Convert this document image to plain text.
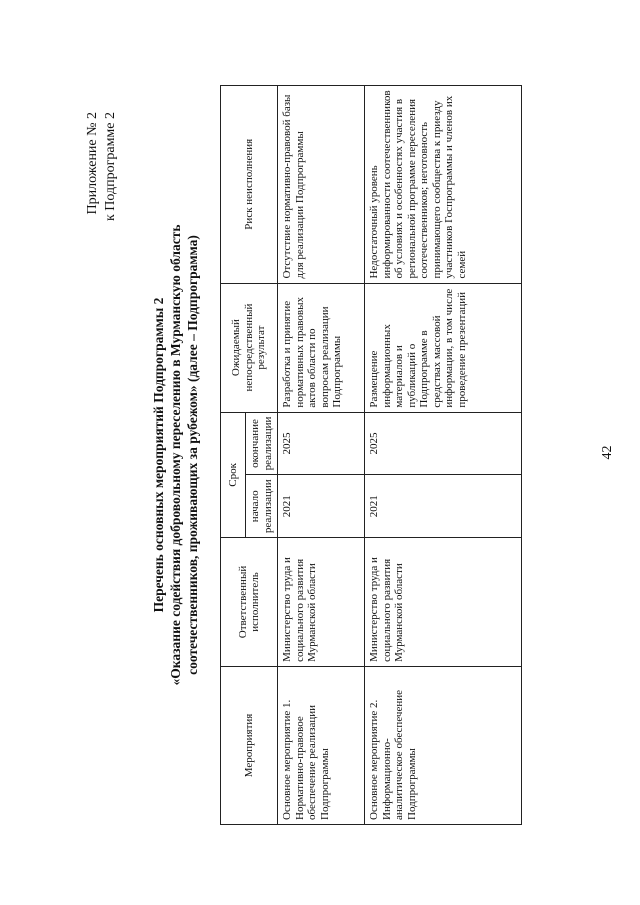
Приложение № 2 к Подпрограмме 2
Перечень основных мероприятий Подпрограммы 2 «Оказание содействия добровольному переселению в Мурманскую область соотечественников, проживающих за рубежом» (далее – Подпрограмма)
Мероприятия	Ответственный исполнитель	Срок		Ожидаемый непосредственный результат	Риск неисполнения
		начало реализации	окончание реализации		
Основное мероприятие 1. Нормативно-правовое обеспечение реализации Подпрограммы	Министерство труда и социального развития Мурманской области	2021	2025	Разработка и принятие нормативных правовых актов области по вопросам реализации Подпрограммы	Отсутствие нормативно-правовой базы для реализации Подпрограммы
Основное мероприятие 2. Информационно-аналитическое обеспечение Подпрограммы	Министерство труда и социального развития Мурманской области	2021	2025	Размещение информационных материалов и публикаций о Подпрограмме в средствах массовой информации, в том числе проведение презентаций	Недостаточный уровень информированности соотечественников об условиях и особенностях участия в региональной программе переселения соотечественников; неготовность принимающего сообщества к приезду участников Госпрограммы и членов их семей
42
